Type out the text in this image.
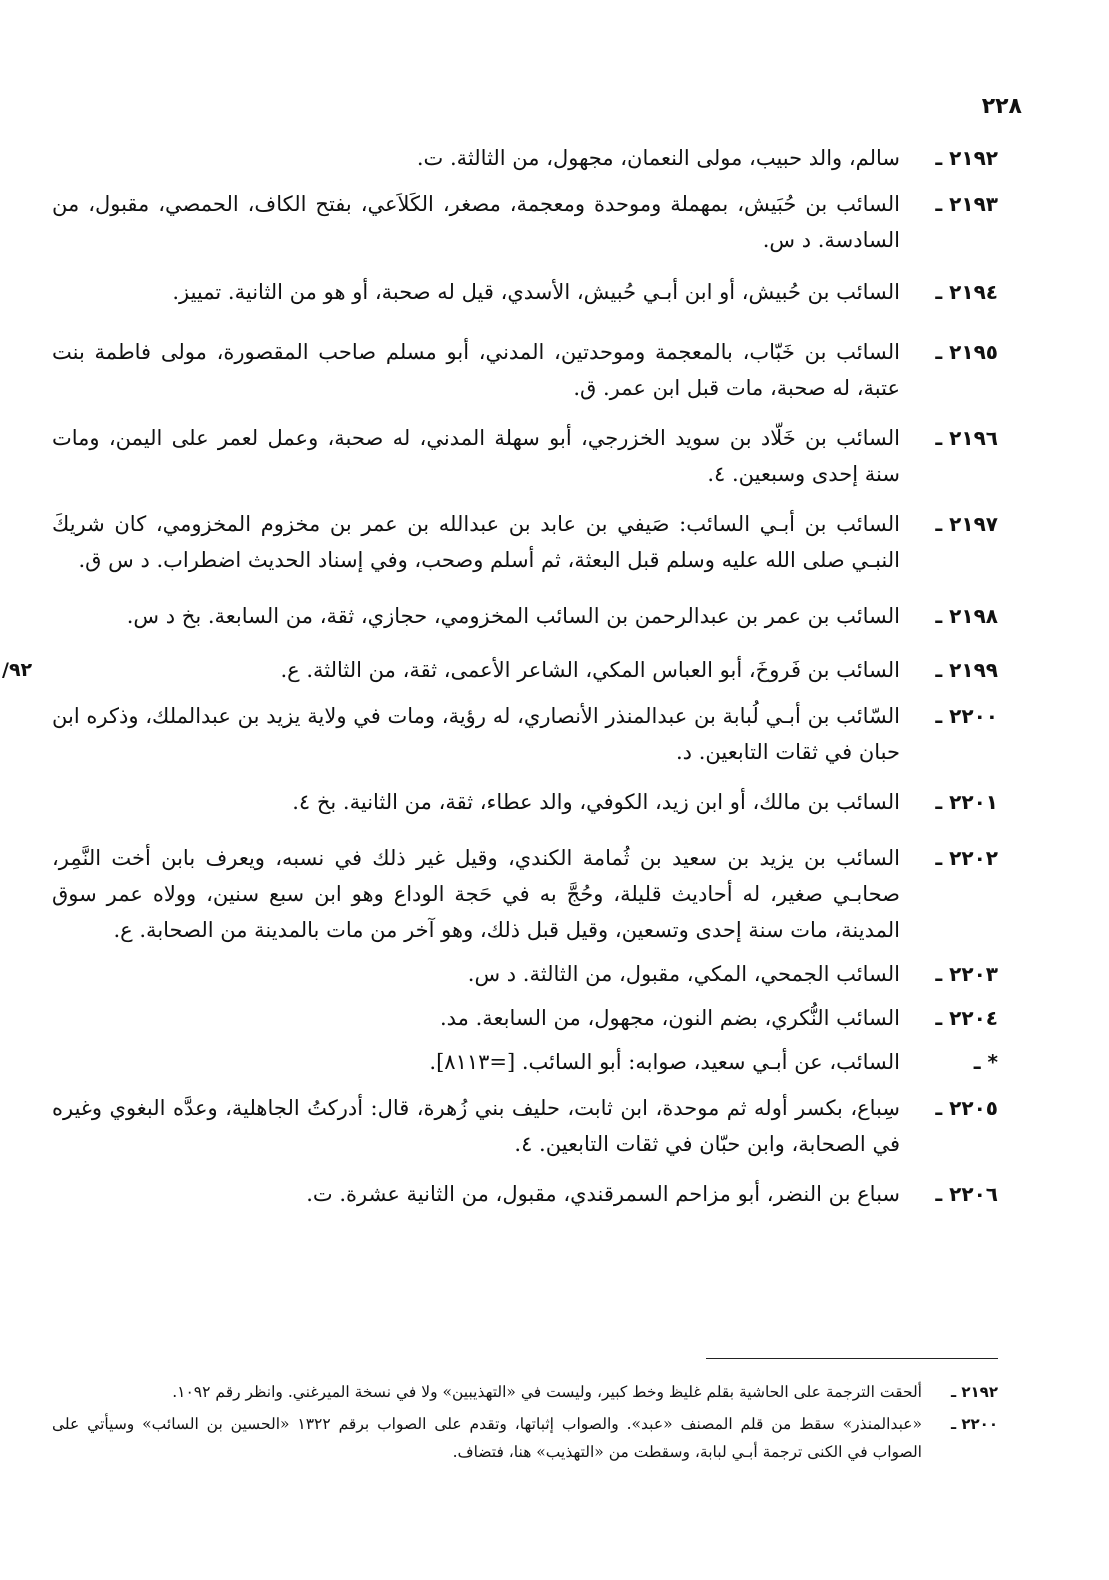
٢٢٨
٢١٩٢ ـ
سالم، والد حبيب، مولى النعمان، مجهول، من الثالثة. ت.
٢١٩٣ ـ
السائب بن حُبَيش، بمهملة وموحدة ومعجمة، مصغر، الكَلاَعي، بفتح الكاف، الحمصي، مقبول، من السادسة. د س.
٢١٩٤ ـ
السائب بن حُبيش، أو ابن أبـي حُبيش، الأسدي، قيل له صحبة، أو هو من الثانية. تمييز.
٢١٩٥ ـ
السائب بن خَبّاب، بالمعجمة وموحدتين، المدني، أبو مسلم صاحب المقصورة، مولى فاطمة بنت عتبة، له صحبة، مات قبل ابن عمر. ق.
٢١٩٦ ـ
السائب بن خَلّاد بن سويد الخزرجي، أبو سهلة المدني، له صحبة، وعمل لعمر على اليمن، ومات سنة إحدى وسبعين. ٤.
٢١٩٧ ـ
السائب بن أبـي السائب: صَيفي بن عابد بن عبدالله بن عمر بن مخزوم المخزومي، كان شريكَ النبـي صلى الله عليه وسلم قبل البعثة، ثم أسلم وصحب، وفي إسناد الحديث اضطراب. د س ق.
٢١٩٨ ـ
السائب بن عمر بن عبدالرحمن بن السائب المخزومي، حجازي، ثقة، من السابعة. بخ د س.
٢١٩٩ ـ
/٩٢	السائب بن فَروخَ، أبو العباس المكي، الشاعر الأعمى، ثقة، من الثالثة. ع.
٢٢٠٠ ـ
السّائب بن أبـي لُبابة بن عبدالمنذر الأنصاري، له رؤية، ومات في ولاية يزيد بن عبدالملك، وذكره ابن حبان في ثقات التابعين. د.
٢٢٠١ ـ
السائب بن مالك، أو ابن زيد، الكوفي، والد عطاء، ثقة، من الثانية. بخ ٤.
٢٢٠٢ ـ
السائب بن يزيد بن سعيد بن ثُمامة الكندي، وقيل غير ذلك في نسبه، ويعرف بابن أخت النَّمِر، صحابـي صغير، له أحاديث قليلة، وحُجَّ به في حَجة الوداع وهو ابن سبع سنين، وولاه عمر سوق المدينة، مات سنة إحدى وتسعين، وقيل قبل ذلك، وهو آخر من مات بالمدينة من الصحابة. ع.
٢٢٠٣ ـ
السائب الجمحي، المكي، مقبول، من الثالثة. د س.
٢٢٠٤ ـ
السائب النُّكري، بضم النون، مجهول، من السابعة. مد.
* ـ
السائب، عن أبـي سعيد، صوابه: أبو السائب. [=٨١١٣].
٢٢٠٥ ـ
سِباع، بكسر أوله ثم موحدة، ابن ثابت، حليف بني زُهرة، قال: أدركتُ الجاهلية، وعدَّه البغوي وغيره في الصحابة، وابن حبّان في ثقات التابعين. ٤.
٢٢٠٦ ـ
سباع بن النضر، أبو مزاحم السمرقندي، مقبول، من الثانية عشرة. ت.
٢١٩٢ ـ
ألحقت الترجمة على الحاشية بقلم غليظ وخط كبير، وليست في «التهذيبين» ولا في نسخة الميرغني. وانظر رقم ١٠٩٢.
٢٢٠٠ ـ
«عبدالمنذر» سقط من قلم المصنف «عبد». والصواب إثباتها، وتقدم على الصواب برقم ١٣٢٢ «الحسين بن السائب» وسيأتي على الصواب في الكنى ترجمة أبـي لبابة، وسقطت من «التهذيب» هنا، فتضاف.
